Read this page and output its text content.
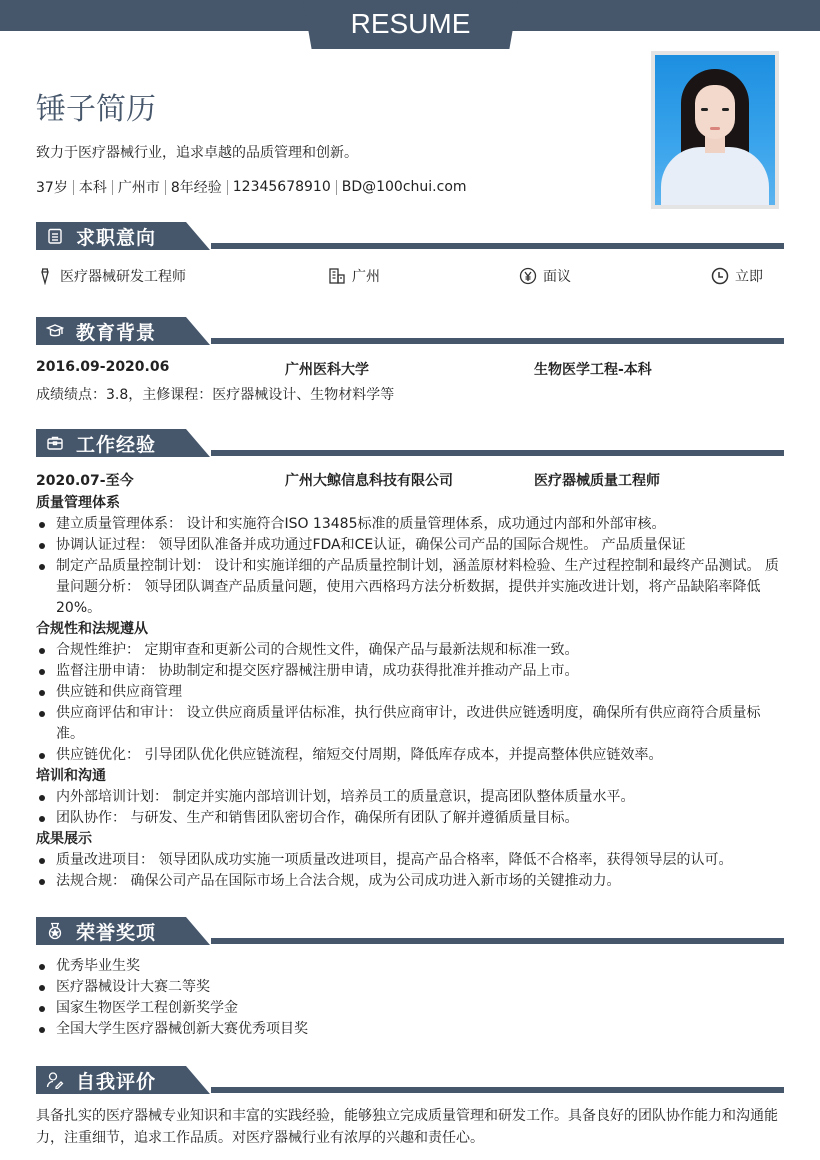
RESUME
锤子简历
致力于医疗器械行业，追求卓越的品质管理和创新。
37岁 本科 广州市 8年经验 12345678910 BD@100chui.com
求职意向
医疗器械研发工程师	广州	面议	立即
教育背景
2016.09-2020.06	广州医科大学	生物医学工程-本科
成绩绩点：3.8，主修课程：医疗器械设计、生物材料学等
工作经验
2020.07-至今	广州大鲸信息科技有限公司	医疗器械质量工程师
质量管理体系
建立质量管理体系： 设计和实施符合ISO 13485标准的质量管理体系，成功通过内部和外部审核。
协调认证过程： 领导团队准备并成功通过FDA和CE认证，确保公司产品的国际合规性。 产品质量保证
制定产品质量控制计划： 设计和实施详细的产品质量控制计划，涵盖原材料检验、生产过程控制和最终产品测试。 质量问题分析： 领导团队调查产品质量问题，使用六西格玛方法分析数据，提供并实施改进计划，将产品缺陷率降低20%。
合规性和法规遵从
合规性维护： 定期审查和更新公司的合规性文件，确保产品与最新法规和标准一致。
监督注册申请： 协助制定和提交医疗器械注册申请，成功获得批准并推动产品上市。
供应链和供应商管理
供应商评估和审计： 设立供应商质量评估标准，执行供应商审计，改进供应链透明度，确保所有供应商符合质量标准。
供应链优化： 引导团队优化供应链流程，缩短交付周期，降低库存成本，并提高整体供应链效率。
培训和沟通
内外部培训计划： 制定并实施内部培训计划，培养员工的质量意识，提高团队整体质量水平。
团队协作： 与研发、生产和销售团队密切合作，确保所有团队了解并遵循质量目标。
成果展示
质量改进项目： 领导团队成功实施一项质量改进项目，提高产品合格率，降低不合格率，获得领导层的认可。
法规合规： 确保公司产品在国际市场上合法合规，成为公司成功进入新市场的关键推动力。
荣誉奖项
优秀毕业生奖
医疗器械设计大赛二等奖
国家生物医学工程创新奖学金
全国大学生医疗器械创新大赛优秀项目奖
自我评价
具备扎实的医疗器械专业知识和丰富的实践经验，能够独立完成质量管理和研发工作。具备良好的团队协作能力和沟通能力，注重细节，追求工作品质。对医疗器械行业有浓厚的兴趣和责任心。
